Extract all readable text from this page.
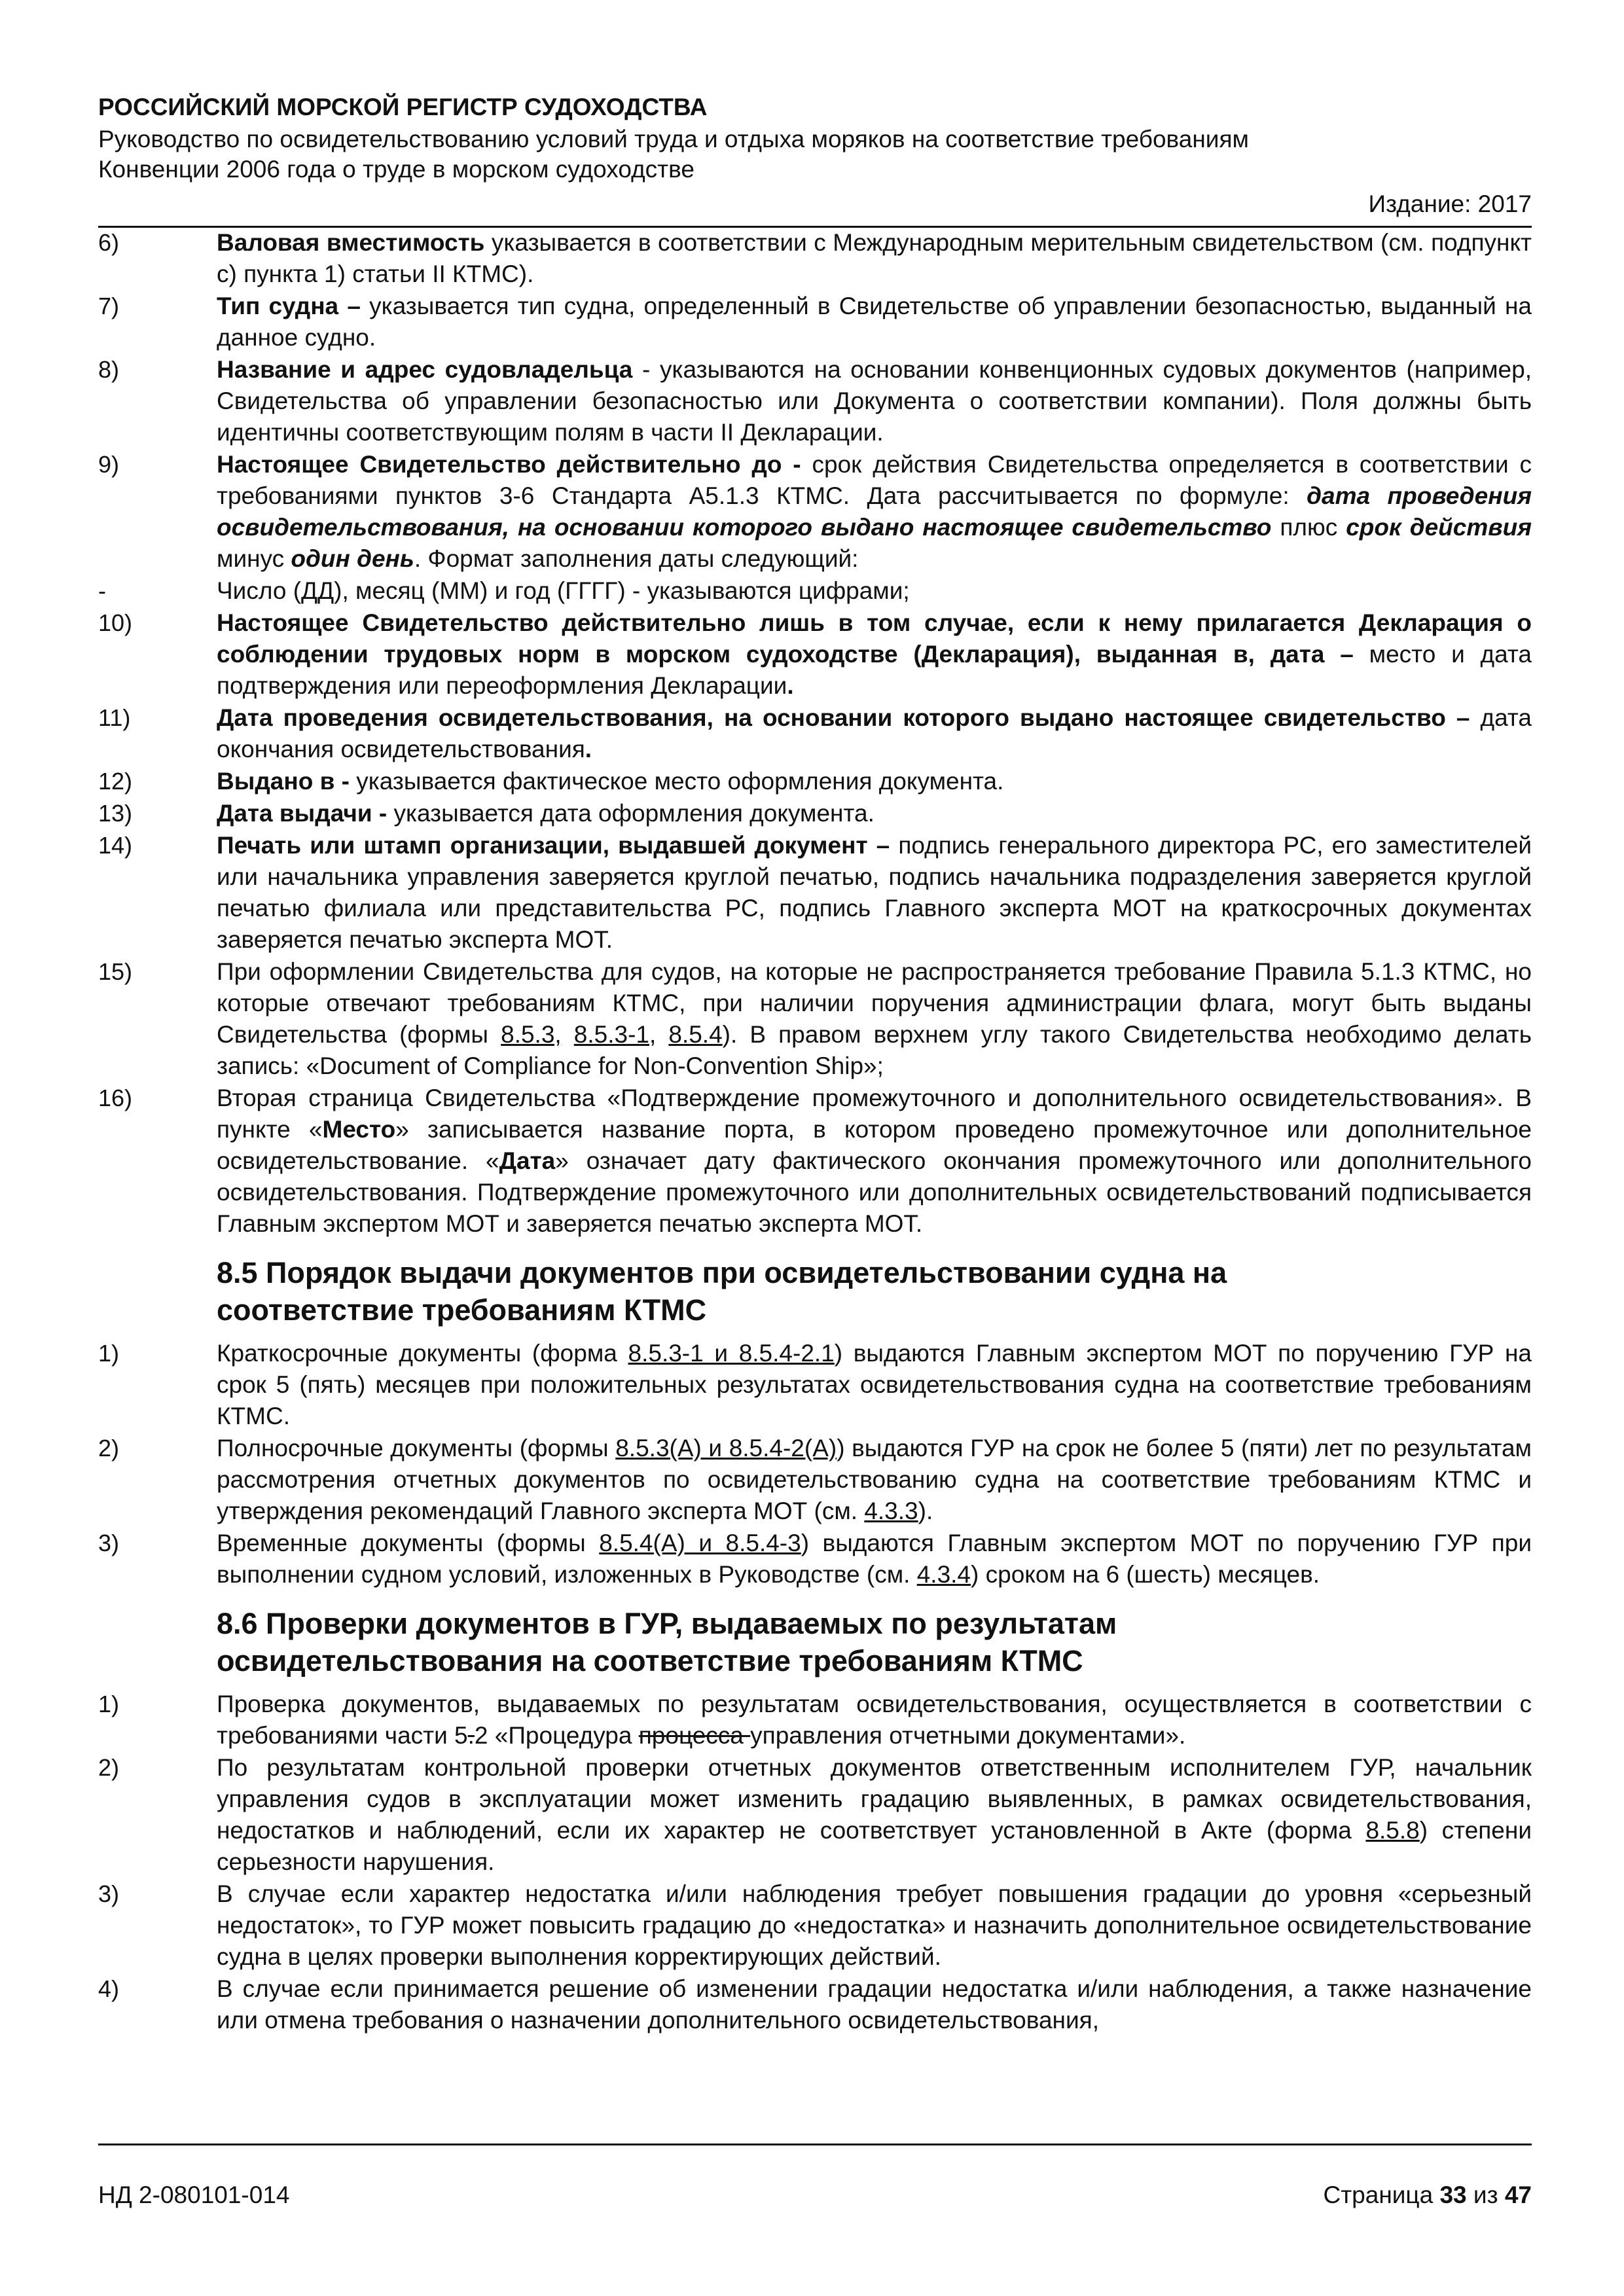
РОССИЙСКИЙ МОРСКОЙ РЕГИСТР СУДОХОДСТВА
Руководство по освидетельствованию условий труда и отдыха моряков на соответствие требованиям
Конвенции 2006 года о труде в морском судоходстве
Издание: 2017
6)	Валовая вместимость указывается в соответствии с Международным мерительным свидетельством (см. подпункт с) пункта 1) статьи II КТМС).
7)	Тип судна – указывается тип судна, определенный в Свидетельстве об управлении безопасностью, выданный на данное судно.
8)	Название и адрес судовладельца - указываются на основании конвенционных судовых документов (например, Свидетельства об управлении безопасностью или Документа о соответствии компании). Поля должны быть идентичны соответствующим полям в части II Декларации.
9)	Настоящее Свидетельство действительно до - срок действия Свидетельства определяется в соответствии с требованиями пунктов 3-6 Стандарта А5.1.3 КТМС. Дата рассчитывается по формуле: дата проведения освидетельствования, на основании которого выдано настоящее свидетельство плюс срок действия минус один день. Формат заполнения даты следующий:
-	Число (ДД), месяц (ММ) и год (ГГГГ) - указываются цифрами;
10)	Настоящее Свидетельство действительно лишь в том случае, если к нему прилагается Декларация о соблюдении трудовых норм в морском судоходстве (Декларация), выданная в, дата – место и дата подтверждения или переоформления Декларации.
11)	Дата проведения освидетельствования, на основании которого выдано настоящее свидетельство – дата окончания освидетельствования.
12)	Выдано в - указывается фактическое место оформления документа.
13)	Дата выдачи - указывается дата оформления документа.
14)	Печать или штамп организации, выдавшей документ – подпись генерального директора РС, его заместителей или начальника управления заверяется круглой печатью, подпись начальника подразделения заверяется круглой печатью филиала или представительства РС, подпись Главного эксперта МОТ на краткосрочных документах заверяется печатью эксперта МОТ.
15)	При оформлении Свидетельства для судов, на которые не распространяется требование Правила 5.1.3 КТМС, но которые отвечают требованиям КТМС, при наличии поручения администрации флага, могут быть выданы Свидетельства (формы 8.5.3, 8.5.3-1, 8.5.4). В правом верхнем углу такого Свидетельства необходимо делать запись: «Document of Compliance for Non-Convention Ship»;
16)	Вторая страница Свидетельства «Подтверждение промежуточного и дополнительного освидетельствования». В пункте «Место» записывается название порта, в котором проведено промежуточное или дополнительное освидетельствование. «Дата» означает дату фактического окончания промежуточного или дополнительного освидетельствования. Подтверждение промежуточного или дополнительных освидетельствований подписывается Главным экспертом МОТ и заверяется печатью эксперта МОТ.
8.5 Порядок выдачи документов при освидетельствовании судна на
соответствие требованиям КТМС
1)	Краткосрочные документы (форма 8.5.3-1 и 8.5.4-2.1) выдаются Главным экспертом МОТ по поручению ГУР на срок 5 (пять) месяцев при положительных результатах освидетельствования судна на соответствие требованиям КТМС.
2)	Полносрочные документы (формы 8.5.3(А) и 8.5.4-2(А)) выдаются ГУР на срок не более 5 (пяти) лет по результатам рассмотрения отчетных документов по освидетельствованию судна на соответствие требованиям КТМС и утверждения рекомендаций Главного эксперта МОТ (см. 4.3.3).
3)	Временные документы (формы 8.5.4(А) и 8.5.4-3) выдаются Главным экспертом МОТ по поручению ГУР при выполнении судном условий, изложенных в Руководстве (см. 4.3.4) сроком на 6 (шесть) месяцев.
8.6 Проверки документов в ГУР, выдаваемых по результатам
освидетельствования на соответствие требованиям КТМС
1)	Проверка документов, выдаваемых по результатам освидетельствования, осуществляется в соответствии с требованиями части 5.2 «Процедура процесса управления отчетными документами».
2)	По результатам контрольной проверки отчетных документов ответственным исполнителем ГУР, начальник управления судов в эксплуатации может изменить градацию выявленных, в рамках освидетельствования, недостатков и наблюдений, если их характер не соответствует установленной в Акте (форма 8.5.8) степени серьезности нарушения.
3)	В случае если характер недостатка и/или наблюдения требует повышения градации до уровня «серьезный недостаток», то ГУР может повысить градацию до «недостатка» и назначить дополнительное освидетельствование судна в целях проверки выполнения корректирующих действий.
4)	В случае если принимается решение об изменении градации недостатка и/или наблюдения, а также назначение или отмена требования о назначении дополнительного освидетельствования,
НД 2-080101-014	Страница 33 из 47
